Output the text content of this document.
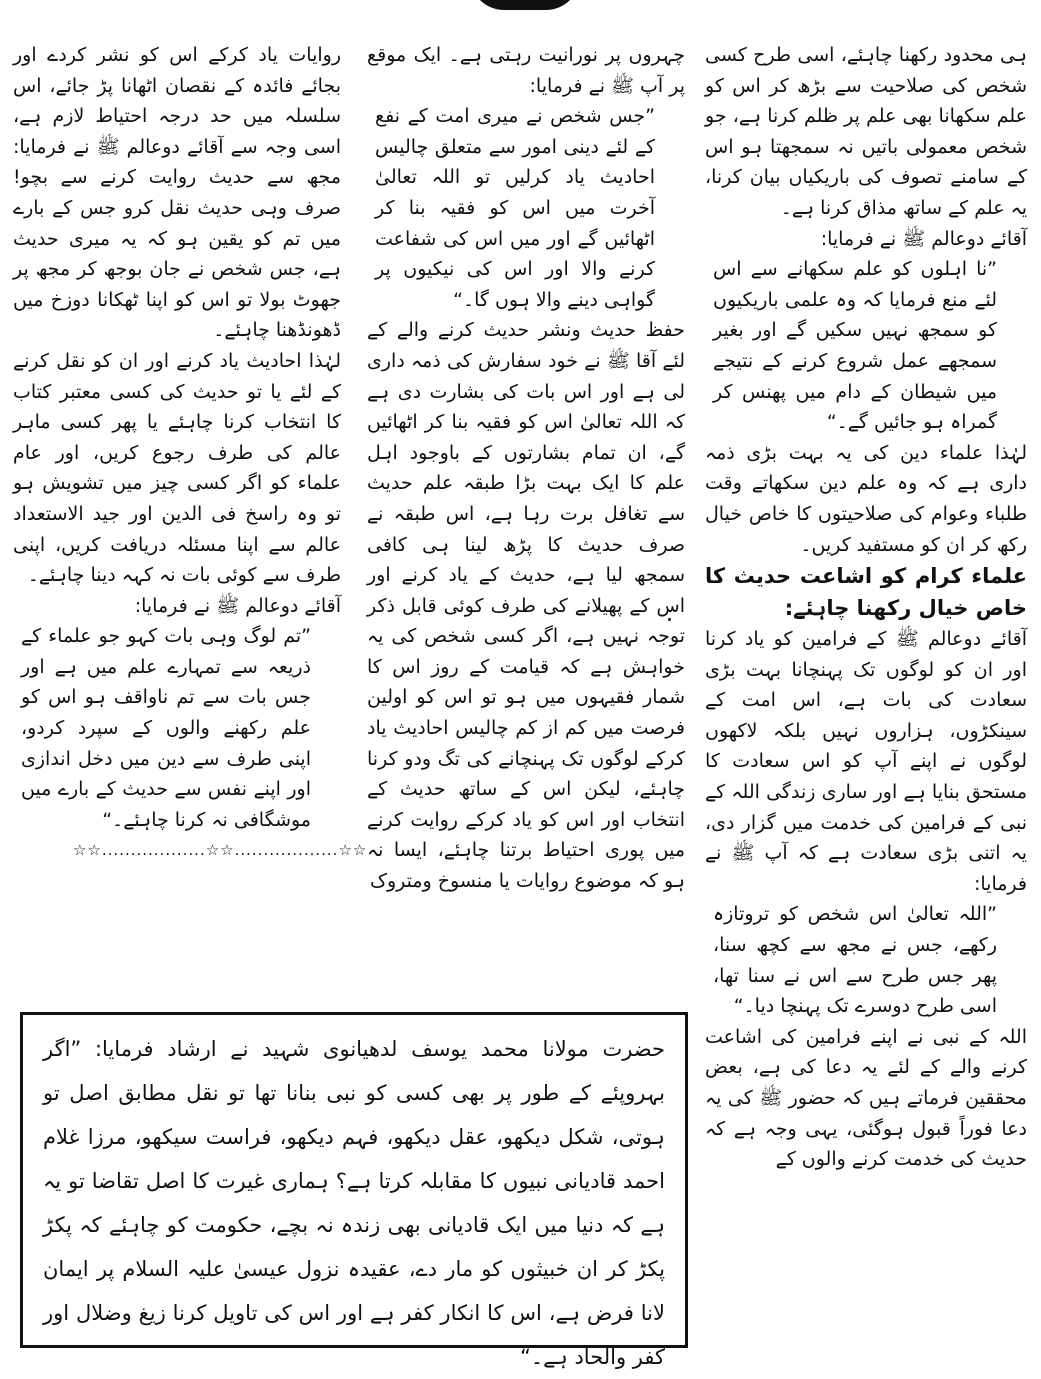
ہی محدود رکھنا چاہئے، اسی طرح کسی شخص کی صلاحیت سے بڑھ کر اس کو علم سکھانا بھی علم پر ظلم کرنا ہے، جو شخص معمولی باتیں نہ سمجھتا ہو اس کے سامنے تصوف کی باریکیاں بیان کرنا، یہ علم کے ساتھ مذاق کرنا ہے۔

آقائے دوعالم ﷺ نے فرمایا:

”نا اہلوں کو علم سکھانے سے اس لئے منع فرمایا کہ وہ علمی باریکیوں کو سمجھ نہیں سکیں گے اور بغیر سمجھے عمل شروع کرنے کے نتیجے میں شیطان کے دام میں پھنس کر گمراہ ہو جائیں گے۔“

لہٰذا علماء دین کی یہ بہت بڑی ذمہ داری ہے کہ وہ علم دین سکھاتے وقت طلباء وعوام کی صلاحیتوں کا خاص خیال رکھ کر ان کو مستفید کریں۔

علماء کرام کو اشاعت حدیث کا خاص خیال رکھنا چاہئے:

آقائے دوعالم ﷺ کے فرامین کو یاد کرنا اور ان کو لوگوں تک پہنچانا بہت بڑی سعادت کی بات ہے، اس امت کے سینکڑوں، ہزاروں نہیں بلکہ لاکھوں لوگوں نے اپنے آپ کو اس سعادت کا مستحق بنایا ہے اور ساری زندگی اللہ کے نبی کے فرامین کی خدمت میں گزار دی، یہ اتنی بڑی سعادت ہے کہ آپ ﷺ نے فرمایا:

”اللہ تعالیٰ اس شخص کو تروتازہ رکھے، جس نے مجھ سے کچھ سنا، پھر جس طرح سے اس نے سنا تھا، اسی طرح دوسرے تک پہنچا دیا۔“

اللہ کے نبی نے اپنے فرامین کی اشاعت کرنے والے کے لئے یہ دعا کی ہے، بعض محققین فرماتے ہیں کہ حضور ﷺ کی یہ دعا فوراً قبول ہوگئی، یہی وجہ ہے کہ حدیث کی خدمت کرنے والوں کے

چہروں پر نورانیت رہتی ہے۔ ایک موقع پر آپ ﷺ نے فرمایا:

”جس شخص نے میری امت کے نفع کے لئے دینی امور سے متعلق چالیس احادیث یاد کرلیں تو اللہ تعالیٰ آخرت میں اس کو فقیہ بنا کر اٹھائیں گے اور میں اس کی شفاعت کرنے والا اور اس کی نیکیوں پر گواہی دینے والا ہوں گا۔“

حفظ حدیث ونشر حدیث کرنے والے کے لئے آقا ﷺ نے خود سفارش کی ذمہ داری لی ہے اور اس بات کی بشارت دی ہے کہ اللہ تعالیٰ اس کو فقیہ بنا کر اٹھائیں گے، ان تمام بشارتوں کے باوجود اہل علم کا ایک بہت بڑا طبقہ علم حدیث سے تغافل برت رہا ہے، اس طبقہ نے صرف حدیث کا پڑھ لینا ہی کافی سمجھ لیا ہے، حدیث کے یاد کرنے اور اس کے پھیلانے کی طرف کوئی قابل ذکر توجہ نہیں ہے، اگر کسی شخص کی یہ خواہش ہے کہ قیامت کے روز اس کا شمار فقیہوں میں ہو تو اس کو اولین فرصت میں کم از کم چالیس احادیث یاد کرکے لوگوں تک پہنچانے کی تگ ودو کرنا چاہئے، لیکن اس کے ساتھ حدیث کے انتخاب اور اس کو یاد کرکے روایت کرنے میں پوری احتیاط برتنا چاہئے، ایسا نہ ہو کہ موضوع روایات یا منسوخ ومتروک

روایات یاد کرکے اس کو نشر کردے اور بجائے فائدہ کے نقصان اٹھانا پڑ جائے، اس سلسلہ میں حد درجہ احتیاط لازم ہے، اسی وجہ سے آقائے دوعالم ﷺ نے فرمایا: مجھ سے حدیث روایت کرنے سے بچو! صرف وہی حدیث نقل کرو جس کے بارے میں تم کو یقین ہو کہ یہ میری حدیث ہے، جس شخص نے جان بوجھ کر مجھ پر جھوٹ بولا تو اس کو اپنا ٹھکانا دوزخ میں ڈھونڈھنا چاہئے۔

لہٰذا احادیث یاد کرنے اور ان کو نقل کرنے کے لئے یا تو حدیث کی کسی معتبر کتاب کا انتخاب کرنا چاہئے یا پھر کسی ماہر عالم کی طرف رجوع کریں، اور عام علماء کو اگر کسی چیز میں تشویش ہو تو وہ راسخ فی الدین اور جید الاستعداد عالم سے اپنا مسئلہ دریافت کریں، اپنی طرف سے کوئی بات نہ کہہ دینا چاہئے۔

آقائے دوعالم ﷺ نے فرمایا:

”تم لوگ وہی بات کہو جو علماء کے ذریعہ سے تمہارے علم میں ہے اور جس بات سے تم ناواقف ہو اس کو علم رکھنے والوں کے سپرد کردو، اپنی طرف سے دین میں دخل اندازی اور اپنے نفس سے حدیث کے بارے میں موشگافی نہ کرنا چاہئے۔“

☆☆..................☆☆..................☆☆

حضرت مولانا محمد یوسف لدھیانوی شہید نے ارشاد فرمایا: ”اگر بہروپئے کے طور پر بھی کسی کو نبی بنانا تھا تو نقل مطابق اصل تو ہوتی، شکل دیکھو، عقل دیکھو، فہم دیکھو، فراست سیکھو، مرزا غلام احمد قادیانی نبیوں کا مقابلہ کرتا ہے؟ ہماری غیرت کا اصل تقاضا تو یہ ہے کہ دنیا میں ایک قادیانی بھی زندہ نہ بچے، حکومت کو چاہئے کہ پکڑ پکڑ کر ان خبیثوں کو مار دے، عقیدہ نزول عیسیٰ علیہ السلام پر ایمان لانا فرض ہے، اس کا انکار کفر ہے اور اس کی تاویل کرنا زیغ وضلال اور کفر والحاد ہے۔“
